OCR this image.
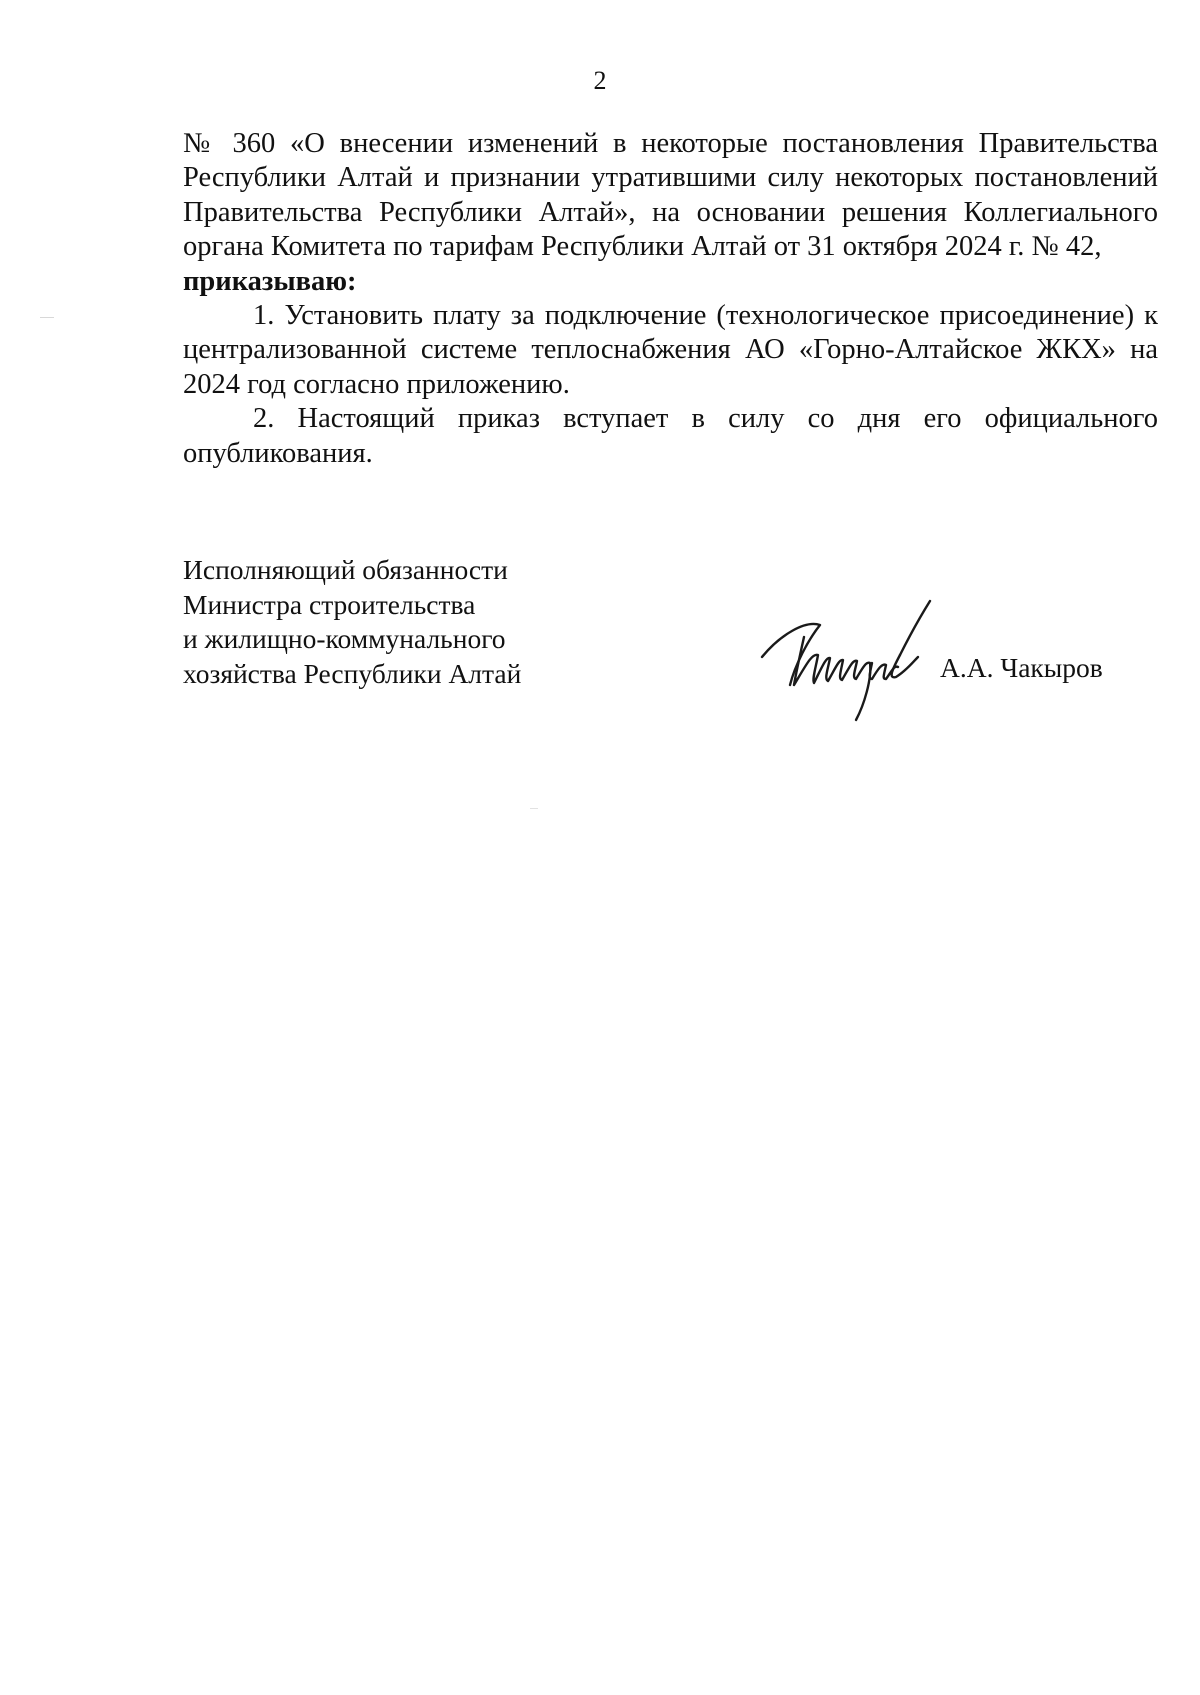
2

№ 360 «О внесении изменений в некоторые постановления Правительства Республики Алтай и признании утратившими силу некоторых постановлений Правительства Республики Алтай», на основании решения Коллегиального органа Комитета по тарифам Республики Алтай от 31 октября 2024 г. № 42,

приказываю:

1. Установить плату за подключение (технологическое присоединение) к централизованной системе теплоснабжения АО «Горно-Алтайское ЖКХ» на 2024 год согласно приложению.

2. Настоящий приказ вступает в силу со дня его официального опубликования.

Исполняющий обязанности
Министра строительства
и жилищно-коммунального
хозяйства Республики Алтай	А.А. Чакыров
